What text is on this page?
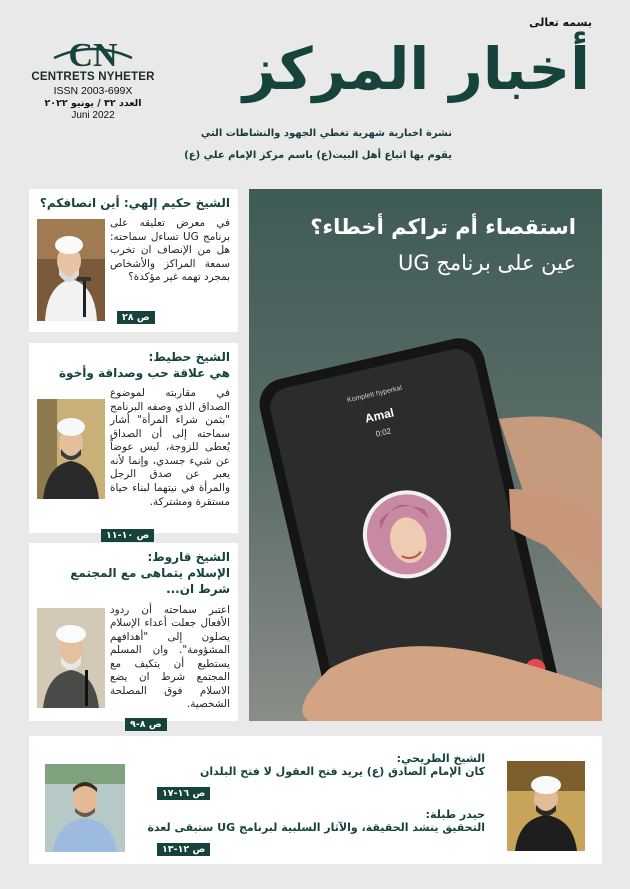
بسمه تعالى
CN
CENTRETS NYHETER
ISSN 2003-699X
العدد ٣٢ / يونيو ٢٠٢٢
Juni 2022
أخبار المركز
نشرة اخبارية شهرية تغطي الجهود والنشاطات التي
يقوم بها اتباع أهل البيت(ع) باسم مركز الإمام علي (ع)
الشيخ حكيم إلهي: أين انصافكم؟
في معرض تعليقه على برنامج UG تساءل سماحته: هل من الإنصاف ان تخرب سمعة المراكز والأشخاص بمجرد تهمه غير مؤكدة؟
ص ٢٨
الشيخ حطيط:
هي علاقة حب وصداقة وأخوة
في مقاربته لموضوع الصداق الذي وصفه البرنامج "بثمن شراء المرأة" أشار سماحته إلى أن الصداق يُعطى للزوجة، ليس عوضاً عن شيء جسدي، وإنما لأنه يعبر عن صدق الرجل والمرأة في نيتهما لبناء حياة مستقرة ومشتركة.
ص ١٠-١١
الشيخ قاروط:
الإسلام يتماهى مع المجتمع شرط ان...
اعتبر سماحته أن ردود الأفعال جعلت أعداء الإسلام يصلون إلى "أهدافهم المشؤومة". وان المسلم يستطيع أن يتكيف مع المجتمع شرط ان يضع الاسلام فوق المصلحة الشخصية.
ص ٨-٩
Komplett hyperkal
Amal
0:02
استقصاء أم تراكم أخطاء؟
عين على برنامج UG
الشيخ الطريحي:
كان الإمام الصادق (ع) يريد فتح العقول لا فتح البلدان
ص ١٦-١٧
حيدر طبلة:
التحقيق ينشد الحقيقة، والآثار السلبية لبرنامج UG ستبقى لعدة
ص ١٢-١٣
